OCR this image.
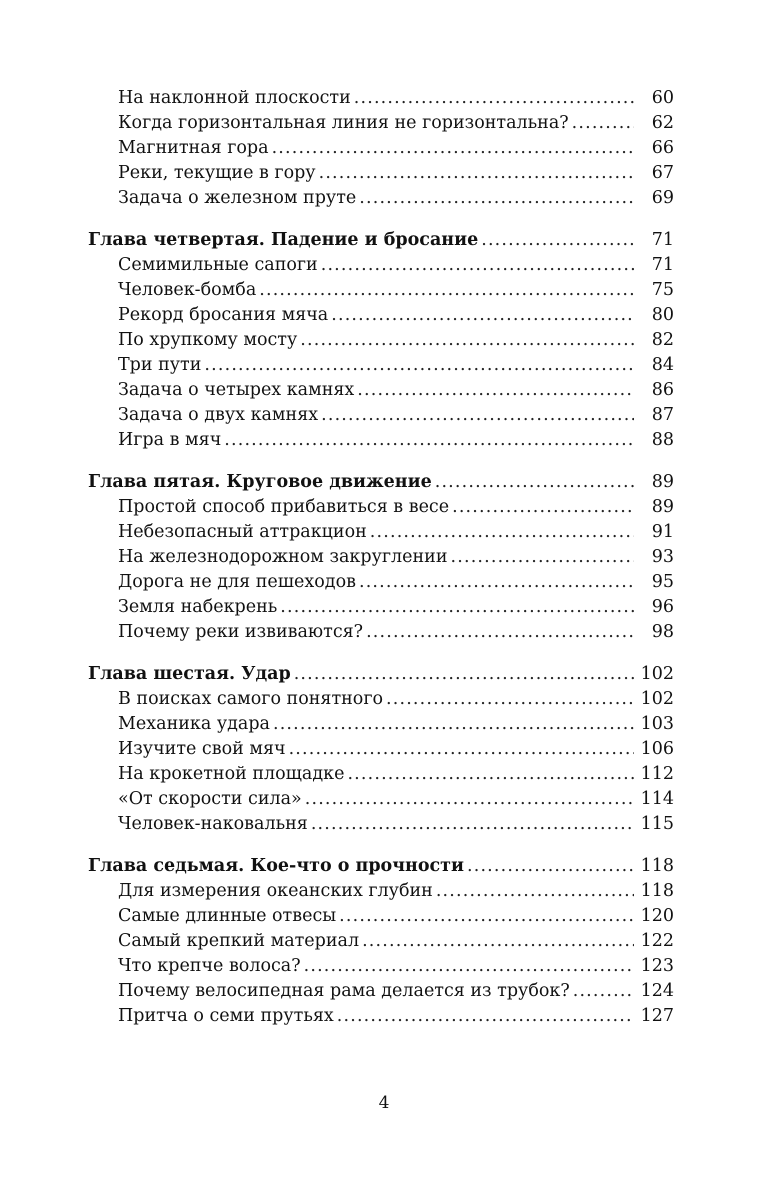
На наклонной плоскости . . .	60
Когда горизонтальная линия не горизонтальна? . . .	62
Магнитная гора . . .	66
Реки, текущие в гору . . .	67
Задача о железном пруте . . .	69
Глава четвертая. Падение и бросание . . .	71
Семимильные сапоги . . .	71
Человек-бомба . . .	75
Рекорд бросания мяча . . .	80
По хрупкому мосту . . .	82
Три пути . . .	84
Задача о четырех камнях . . .	86
Задача о двух камнях . . .	87
Игра в мяч . . .	88
Глава пятая. Круговое движение . . .	89
Простой способ прибавиться в весе . . .	89
Небезопасный аттракцион . . .	91
На железнодорожном закруглении . . .	93
Дорога не для пешеходов . . .	95
Земля набекрень . . .	96
Почему реки извиваются? . . .	98
Глава шестая. Удар . . .	102
В поисках самого понятного . . .	102
Механика удара . . .	103
Изучите свой мяч . . .	106
На крокетной площадке . . .	112
«От скорости сила» . . .	114
Человек-наковальня . . .	115
Глава седьмая. Кое-что о прочности . . .	118
Для измерения океанских глубин . . .	118
Самые длинные отвесы . . .	120
Самый крепкий материал . . .	122
Что крепче волоса? . . .	123
Почему велосипедная рама делается из трубок? . . .	124
Притча о семи прутьях . . .	127
4
